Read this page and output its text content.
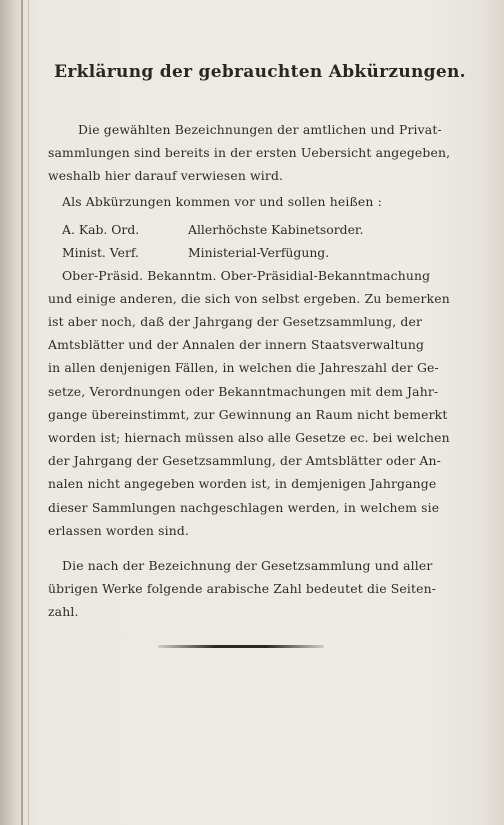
Erklärung der gebrauchten Abkürzungen.
Die gewählten Bezeichnungen der amtlichen und Privat-
sammlungen sind bereits in der ersten Uebersicht angegeben,
weshalb hier darauf verwiesen wird.
Als Abkürzungen kommen vor und sollen heißen :
A. Kab. Ord.	Allerhöchste Kabinetsorder.
Minist. Verf.	Ministerial-Verfügung.
Ober-Präsid. Bekanntm. Ober-Präsidial-Bekanntmachung
und einige anderen, die sich von selbst ergeben. Zu bemerken
ist aber noch, daß der Jahrgang der Gesetzsammlung, der
Amtsblätter und der Annalen der innern Staatsverwaltung
in allen denjenigen Fällen, in welchen die Jahreszahl der Ge-
setze, Verordnungen oder Bekanntmachungen mit dem Jahr-
gange übereinstimmt, zur Gewinnung an Raum nicht bemerkt
worden ist; hiernach müssen also alle Gesetze ec. bei welchen
der Jahrgang der Gesetzsammlung, der Amtsblätter oder An-
nalen nicht angegeben worden ist, in demjenigen Jahrgange
dieser Sammlungen nachgeschlagen werden, in welchem sie
erlassen worden sind.
Die nach der Bezeichnung der Gesetzsammlung und aller
übrigen Werke folgende arabische Zahl bedeutet die Seiten-
zahl.
